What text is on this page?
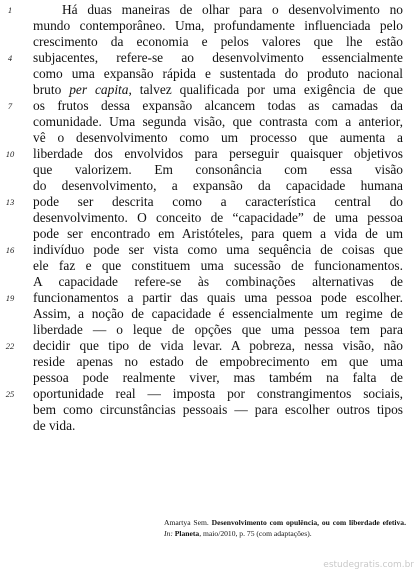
1	Há duas maneiras de olhar para o desenvolvimento no
mundo contemporâneo. Uma, profundamente influenciada pelo
crescimento da economia e pelos valores que lhe estão
4	subjacentes, refere-se ao desenvolvimento essencialmente
como uma expansão rápida e sustentada do produto nacional
bruto per capita, talvez qualificada por uma exigência de que
7	os frutos dessa expansão alcancem todas as camadas da
comunidade. Uma segunda visão, que contrasta com a anterior,
vê o desenvolvimento como um processo que aumenta a
10	liberdade dos envolvidos para perseguir quaisquer objetivos
que valorizem. Em consonância com essa visão
do desenvolvimento, a expansão da capacidade humana
13	pode ser descrita como a característica central do
desenvolvimento. O conceito de “capacidade” de uma pessoa
pode ser encontrado em Aristóteles, para quem a vida de um
16	indivíduo pode ser vista como uma sequência de coisas que
ele faz e que constituem uma sucessão de funcionamentos.
A capacidade refere-se às combinações alternativas de
19	funcionamentos a partir das quais uma pessoa pode escolher.
Assim, a noção de capacidade é essencialmente um regime de
liberdade — o leque de opções que uma pessoa tem para
22	decidir que tipo de vida levar. A pobreza, nessa visão, não
reside apenas no estado de empobrecimento em que uma
pessoa pode realmente viver, mas também na falta de
25	oportunidade real — imposta por constrangimentos sociais,
bem como circunstâncias pessoais — para escolher outros tipos
de vida.
Amartya Sem. Desenvolvimento com opulência, ou com liberdade efetiva. In: Planeta, maio/2010, p. 75 (com adaptações).
estudegratis.com.br
